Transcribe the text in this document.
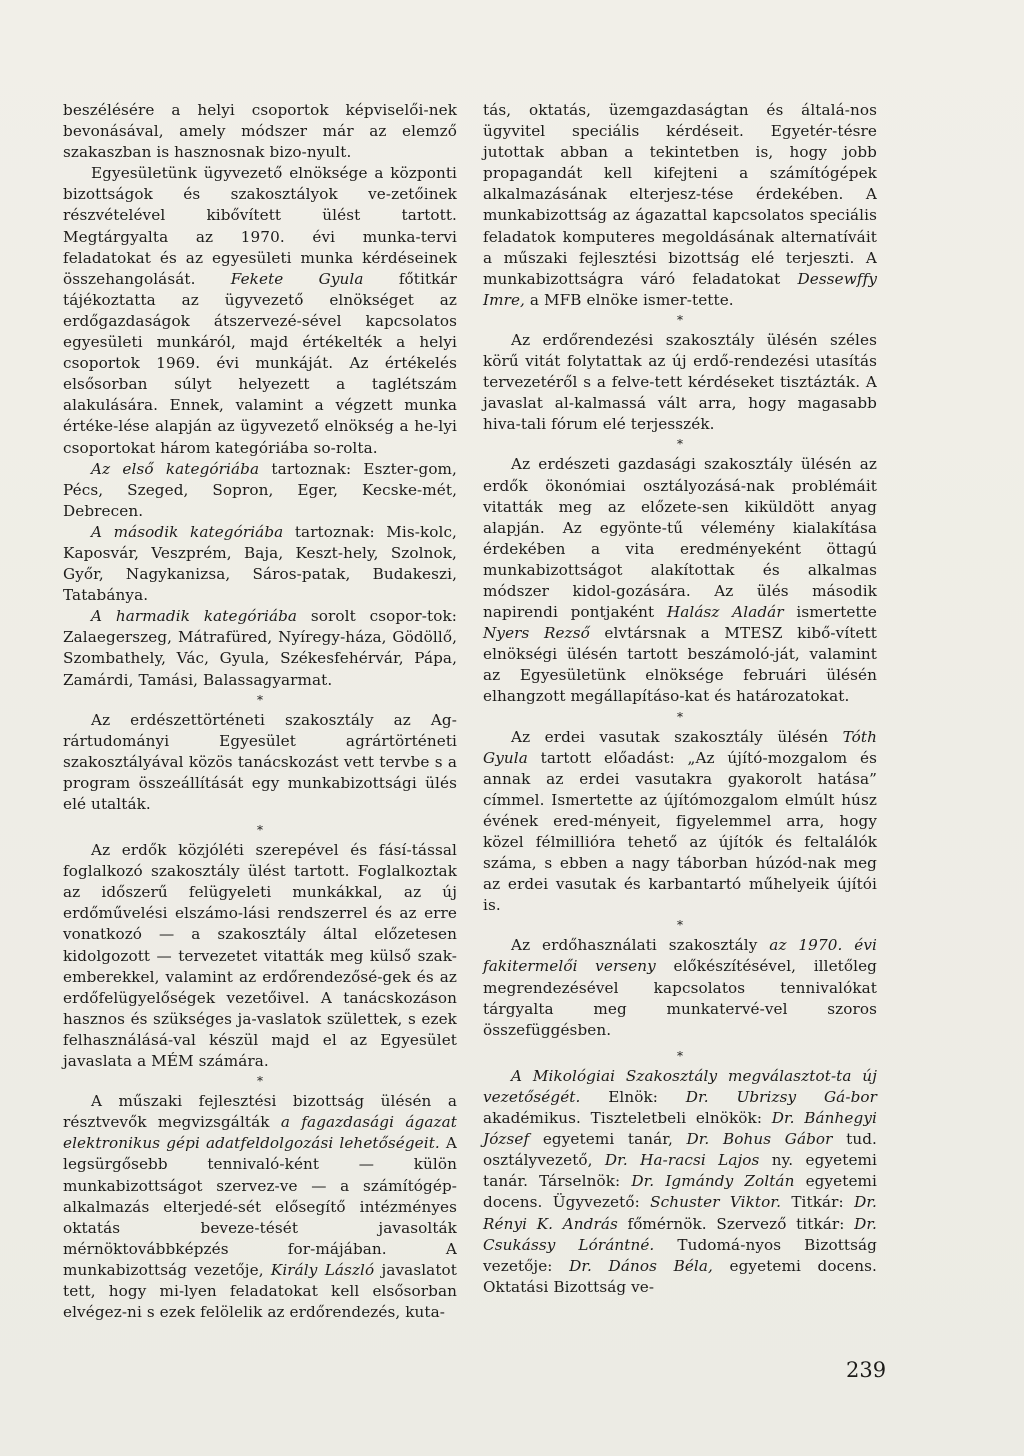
beszélésére a helyi csoportok képviselői-nek bevonásával, amely módszer már az elemző szakaszban is hasznosnak bizo-nyult.

Egyesületünk ügyvezető elnöksége a központi bizottságok és szakosztályok ve-zetőinek részvételével kibővített ülést tartott. Megtárgyalta az 1970. évi munka-tervi feladatokat és az egyesületi munka kérdéseinek összehangolását. Fekete Gyula főtitkár tájékoztatta az ügyvezető elnökséget az erdőgazdaságok átszervezé-sével kapcsolatos egyesületi munkáról, majd értékelték a helyi csoportok 1969. évi munkáját. Az értékelés elsősorban súlyt helyezett a taglétszám alakulására. Ennek, valamint a végzett munka értéke-lése alapján az ügyvezető elnökség a he-lyi csoportokat három kategóriába so-rolta.

Az első kategóriába tartoznak: Eszter-gom, Pécs, Szeged, Sopron, Eger, Kecske-mét, Debrecen.

A második kategóriába tartoznak: Mis-kolc, Kaposvár, Veszprém, Baja, Keszt-hely, Szolnok, Győr, Nagykanizsa, Sáros-patak, Budakeszi, Tatabánya.

A harmadik kategóriába sorolt csopor-tok: Zalaegerszeg, Mátrafüred, Nyíregy-háza, Gödöllő, Szombathely, Vác, Gyula, Székesfehérvár, Pápa, Zamárdi, Tamási, Balassagyarmat.

*

Az erdészettörténeti szakosztály az Ag-rártudományi Egyesület agrártörténeti szakosztályával közös tanácskozást vett tervbe s a program összeállítását egy munkabizottsági ülés elé utalták.

*

Az erdők közjóléti szerepével és fásí-tással foglalkozó szakosztály ülést tartott. Foglalkoztak az időszerű felügyeleti munkákkal, az új erdőművelési elszámo-lási rendszerrel és az erre vonatkozó — a szakosztály által előzetesen kidolgozott — tervezetet vitatták meg külső szak-emberekkel, valamint az erdőrendezősé-gek és az erdőfelügyelőségek vezetőivel. A tanácskozáson hasznos és szükséges ja-vaslatok születtek, s ezek felhasználásá-val készül majd el az Egyesület javaslata a MÉM számára.

*

A műszaki fejlesztési bizottság ülésén a résztvevők megvizsgálták a fagazdasági ágazat elektronikus gépi adatfeldolgozási lehetőségeit. A legsürgősebb tennivaló-ként — külön munkabizottságot szervez-ve — a számítógép-alkalmazás elterjedé-sét elősegítő intézményes oktatás beveze-tését javasolták mérnöktovábbképzés for-májában. A munkabizottság vezetője, Király László javaslatot tett, hogy mi-lyen feladatokat kell elsősorban elvégez-ni s ezek felölelik az erdőrendezés, kuta-

tás, oktatás, üzemgazdaságtan és általá-nos ügyvitel speciális kérdéseit. Egyetér-tésre jutottak abban a tekintetben is, hogy jobb propagandát kell kifejteni a számítógépek alkalmazásának elterjesz-tése érdekében. A munkabizottság az ágazattal kapcsolatos speciális feladatok komputeres megoldásának alternatíváit a műszaki fejlesztési bizottság elé terjeszti. A munkabizottságra váró feladatokat Dessewffy Imre, a MFB elnöke ismer-tette.

*

Az erdőrendezési szakosztály ülésén széles körű vitát folytattak az új erdő-rendezési utasítás tervezetéről s a felve-tett kérdéseket tisztázták. A javaslat al-kalmassá vált arra, hogy magasabb hiva-tali fórum elé terjesszék.

*

Az erdészeti gazdasági szakosztály ülésén az erdők ökonómiai osztályozásá-nak problémáit vitatták meg az előzete-sen kiküldött anyag alapján. Az egyönte-tű vélemény kialakítása érdekében a vita eredményeként öttagú munkabizottságot alakítottak és alkalmas módszer kidol-gozására. Az ülés második napirendi pontjaként Halász Aladár ismertette Nyers Rezső elvtársnak a MTESZ kibő-vített elnökségi ülésén tartott beszámoló-ját, valamint az Egyesületünk elnöksége februári ülésén elhangzott megállapításo-kat és határozatokat.

*

Az erdei vasutak szakosztály ülésén Tóth Gyula tartott előadást: „Az újító-mozgalom és annak az erdei vasutakra gyakorolt hatása” címmel. Ismertette az újítómozgalom elmúlt húsz évének ered-ményeit, figyelemmel arra, hogy közel félmillióra tehető az újítók és feltalálók száma, s ebben a nagy táborban húzód-nak meg az erdei vasutak és karbantartó műhelyeik újítói is.

*

Az erdőhasználati szakosztály az 1970. évi fakitermelői verseny előkészítésével, illetőleg megrendezésével kapcsolatos tennivalókat tárgyalta meg munkatervé-vel szoros összefüggésben.

*

A Mikológiai Szakosztály megválasztot-ta új vezetőségét. Elnök: Dr. Ubrizsy Gá-bor akadémikus. Tiszteletbeli elnökök: Dr. Bánhegyi József egyetemi tanár, Dr. Bohus Gábor tud. osztályvezető, Dr. Ha-racsi Lajos ny. egyetemi tanár. Társelnök: Dr. Igmándy Zoltán egyetemi docens. Ügyvezető: Schuster Viktor. Titkár: Dr. Rényi K. András főmérnök. Szervező titkár: Dr. Csukássy Lórántné. Tudomá-nyos Bizottság vezetője: Dr. Dános Béla, egyetemi docens. Oktatási Bizottság ve-

239
